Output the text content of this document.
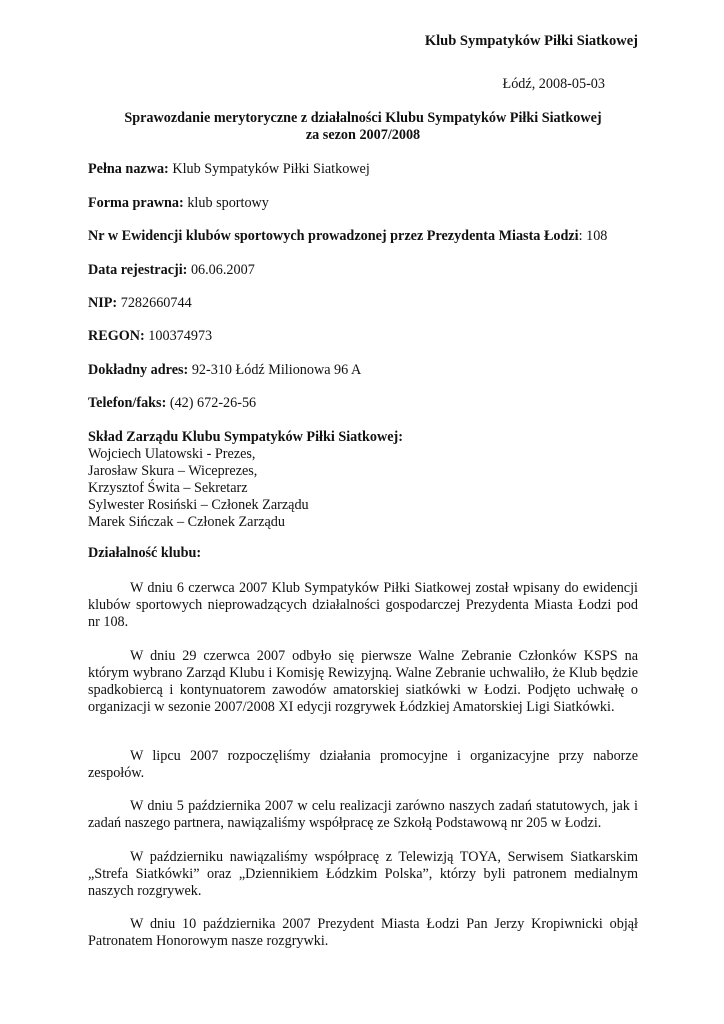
Klub Sympatyków Piłki Siatkowej
Łódź, 2008-05-03
Sprawozdanie merytoryczne z działalności Klubu Sympatyków Piłki Siatkowej
za sezon 2007/2008
Pełna nazwa: Klub Sympatyków Piłki Siatkowej
Forma prawna: klub sportowy
Nr w Ewidencji klubów sportowych prowadzonej przez Prezydenta Miasta Łodzi: 108
Data rejestracji: 06.06.2007
NIP: 7282660744
REGON: 100374973
Dokładny adres: 92-310 Łódź Milionowa 96 A
Telefon/faks: (42) 672-26-56
Skład Zarządu Klubu Sympatyków Piłki Siatkowej:
Wojciech Ulatowski - Prezes,
Jarosław Skura – Wiceprezes,
Krzysztof Świta – Sekretarz
Sylwester Rosiński – Członek Zarządu
Marek Sińczak – Członek Zarządu
Działalność klubu:
W dniu 6 czerwca 2007 Klub Sympatyków Piłki Siatkowej został wpisany do ewidencji klubów sportowych nieprowadzących działalności gospodarczej Prezydenta Miasta Łodzi pod nr 108.
W dniu 29 czerwca 2007 odbyło się pierwsze Walne Zebranie Członków KSPS na którym wybrano Zarząd Klubu i Komisję Rewizyjną. Walne Zebranie uchwaliło, że Klub będzie spadkobiercą i kontynuatorem zawodów amatorskiej siatkówki w Łodzi. Podjęto uchwałę o organizacji w sezonie 2007/2008 XI edycji rozgrywek Łódzkiej Amatorskiej Ligi Siatkówki.
W lipcu 2007 rozpoczęliśmy działania promocyjne i organizacyjne przy naborze zespołów.
W dniu 5 października 2007 w celu realizacji zarówno naszych zadań statutowych, jak i zadań naszego partnera, nawiązaliśmy współpracę ze Szkołą Podstawową nr 205 w Łodzi.
W październiku nawiązaliśmy współpracę z Telewizją TOYA, Serwisem Siatkarskim „Strefa Siatkówki” oraz „Dziennikiem Łódzkim Polska”, którzy byli patronem medialnym naszych rozgrywek.
W dniu 10 października 2007 Prezydent Miasta Łodzi Pan Jerzy Kropiwnicki objął Patronatem Honorowym nasze rozgrywki.
